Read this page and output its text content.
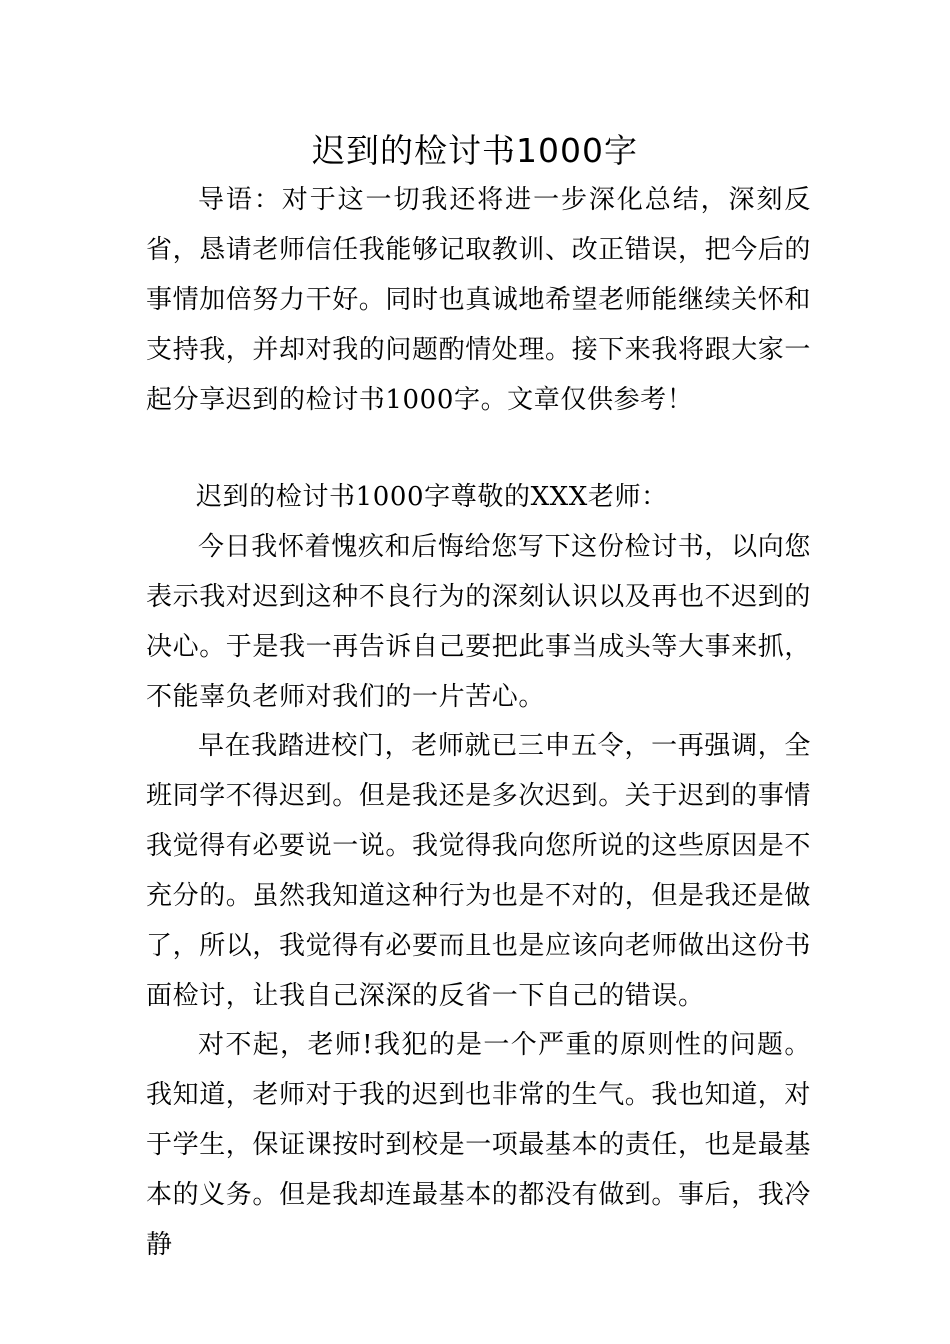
迟到的检讨书1000字
导语：对于这一切我还将进一步深化总结，深刻反省，恳请老师信任我能够记取教训、改正错误，把今后的事情加倍努力干好。同时也真诚地希望老师能继续关怀和支持我，并却对我的问题酌情处理。接下来我将跟大家一起分享迟到的检讨书1000字。文章仅供参考！
迟到的检讨书1000字尊敬的XXX老师：
今日我怀着愧疚和后悔给您写下这份检讨书，以向您表示我对迟到这种不良行为的深刻认识以及再也不迟到的决心。于是我一再告诉自己要把此事当成头等大事来抓，不能辜负老师对我们的一片苦心。
早在我踏进校门，老师就已三申五令，一再强调，全班同学不得迟到。但是我还是多次迟到。关于迟到的事情我觉得有必要说一说。我觉得我向您所说的这些原因是不充分的。虽然我知道这种行为也是不对的，但是我还是做了，所以，我觉得有必要而且也是应该向老师做出这份书面检讨，让我自己深深的反省一下自己的错误。
对不起，老师!我犯的是一个严重的原则性的问题。我知道，老师对于我的迟到也非常的生气。我也知道，对于学生，保证课按时到校是一项最基本的责任，也是最基本的义务。但是我却连最基本的都没有做到。事后，我冷静
